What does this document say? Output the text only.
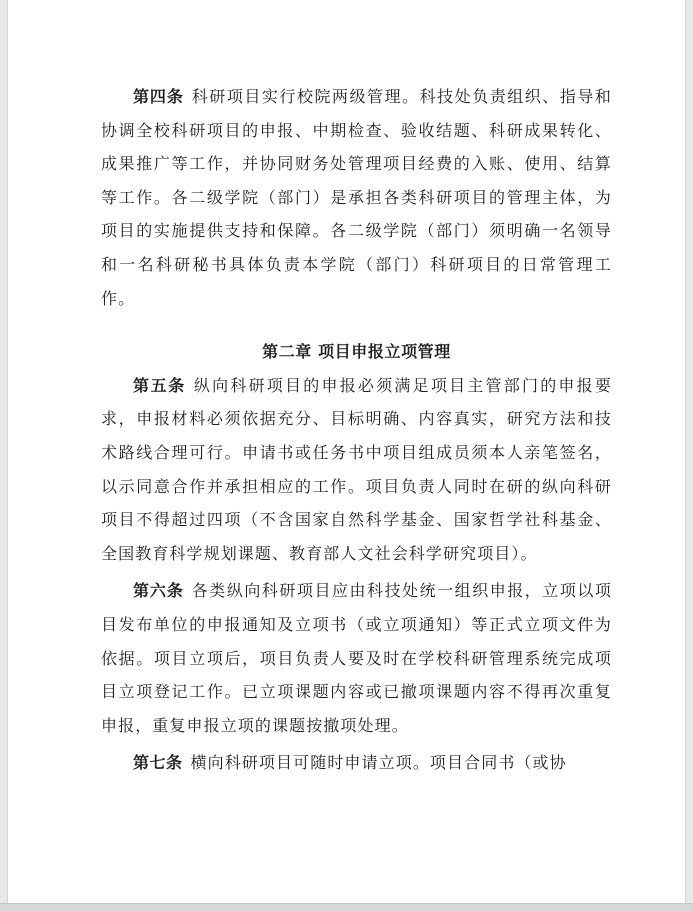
第四条 科研项目实行校院两级管理。科技处负责组织、指导和协调全校科研项目的申报、中期检查、验收结题、科研成果转化、成果推广等工作，并协同财务处管理项目经费的入账、使用、结算等工作。各二级学院（部门）是承担各类科研项目的管理主体，为项目的实施提供支持和保障。各二级学院（部门）须明确一名领导和一名科研秘书具体负责本学院（部门）科研项目的日常管理工作。

第二章 项目申报立项管理

第五条 纵向科研项目的申报必须满足项目主管部门的申报要求，申报材料必须依据充分、目标明确、内容真实，研究方法和技术路线合理可行。申请书或任务书中项目组成员须本人亲笔签名，以示同意合作并承担相应的工作。项目负责人同时在研的纵向科研项目不得超过四项（不含国家自然科学基金、国家哲学社科基金、全国教育科学规划课题、教育部人文社会科学研究项目）。

第六条 各类纵向科研项目应由科技处统一组织申报，立项以项目发布单位的申报通知及立项书（或立项通知）等正式立项文件为依据。项目立项后，项目负责人要及时在学校科研管理系统完成项目立项登记工作。已立项课题内容或已撤项课题内容不得再次重复申报，重复申报立项的课题按撤项处理。

第七条 横向科研项目可随时申请立项。项目合同书（或协
